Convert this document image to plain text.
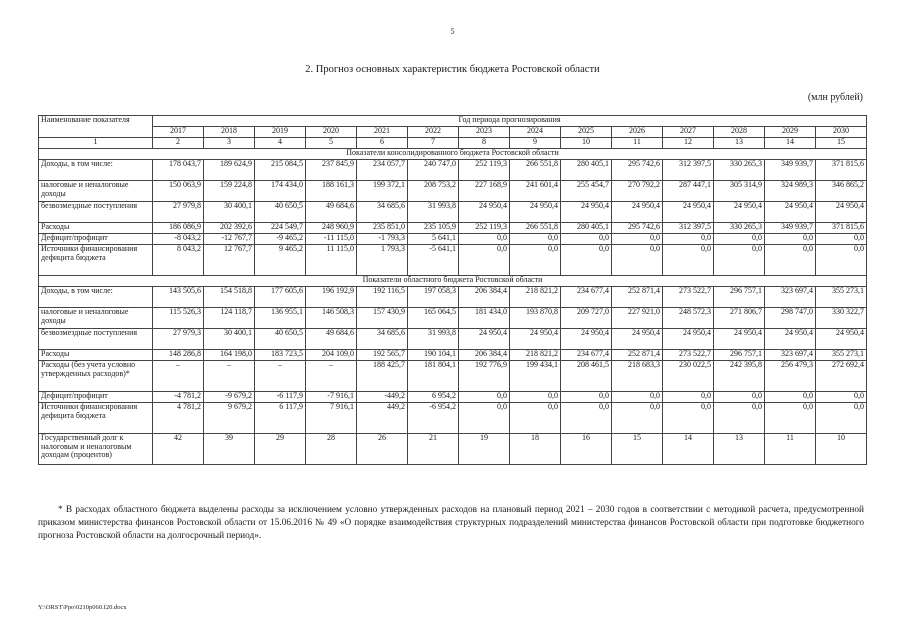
5
2. Прогноз основных характеристик бюджета Ростовской области
(млн рублей)
Наименование показателя	Год периода прогнозирования													
	2017	2018	2019	2020	2021	2022	2023	2024	2025	2026	2027	2028	2029	2030
1	2	3	4	5	6	7	8	9	10	11	12	13	14	15
Показатели консолидированного бюджета Ростовской области														
Доходы, в том числе:	178 043,7	189 624,9	215 084,5	237 845,9	234 057,7	240 747,0	252 119,3	266 551,8	280 405,1	295 742,6	312 397,5	330 265,3	349 939,7	371 815,6
налоговые и неналоговые доходы	150 063,9	159 224,8	174 434,0	188 161,3	199 372,1	208 753,2	227 168,9	241 601,4	255 454,7	270 792,2	287 447,1	305 314,9	324 989,3	346 865,2
безвозмездные поступления	27 979,8	30 400,1	40 650,5	49 684,6	34 685,6	31 993,8	24 950,4	24 950,4	24 950,4	24 950,4	24 950,4	24 950,4	24 950,4	24 950,4
Расходы	186 086,9	202 392,6	224 549,7	248 960,9	235 851,0	235 105,9	252 119,3	266 551,8	280 405,1	295 742,6	312 397,5	330 265,3	349 939,7	371 815,6
Дефицит/профицит	-8 043,2	-12 767,7	-9 465,2	-11 115,0	-1 793,3	5 641,1	0,0	0,0	0,0	0,0	0,0	0,0	0,0	0,0
Источники финансирования дефицита бюджета	8 043,2	12 767,7	9 465,2	11 115,0	1 793,3	-5 641,1	0,0	0,0	0,0	0,0	0,0	0,0	0,0	0,0
Показатели областного бюджета Ростовской области														
Доходы, в том числе:	143 505,6	154 518,8	177 605,6	196 192,9	192 116,5	197 058,3	206 384,4	218 821,2	234 677,4	252 871,4	273 522,7	296 757,1	323 697,4	355 273,1
налоговые и неналоговые доходы	115 526,3	124 118,7	136 955,1	146 508,3	157 430,9	165 064,5	181 434,0	193 870,8	209 727,0	227 921,0	248 572,3	271 806,7	298 747,0	330 322,7
безвозмездные поступления	27 979,3	30 400,1	40 650,5	49 684,6	34 685,6	31 993,8	24 950,4	24 950,4	24 950,4	24 950,4	24 950,4	24 950,4	24 950,4	24 950,4
Расходы	148 286,8	164 198,0	183 723,5	204 109,0	192 565,7	190 104,1	206 384,4	218 821,2	234 677,4	252 871,4	273 522,7	296 757,1	323 697,4	355 273,1
Расходы (без учета условно утвержденных расходов)*	–	–	–	–	188 425,7	181 804,1	192 776,9	199 434,1	208 461,5	218 683,3	230 022,5	242 395,8	256 479,3	272 692,4
Дефицит/профицит	-4 781,2	-9 679,2	-6 117,9	-7 916,1	-449,2	6 954,2	0,0	0,0	0,0	0,0	0,0	0,0	0,0	0,0
Источники финансирования дефицита бюджета	4 781,2	9 679,2	6 117,9	7 916,1	449,2	-6 954,2	0,0	0,0	0,0	0,0	0,0	0,0	0,0	0,0
Государственный долг к налоговым и неналоговым доходам (процентов)	42	39	29	28	26	21	19	18	16	15	14	13	11	10
* В расходах областного бюджета выделены расходы за исключением условно утвержденных расходов на плановый период 2021 – 2030 годов в соответствии с методикой расчета, предусмотренной приказом министерства финансов Ростовской области от 15.06.2016 № 49 «О порядке взаимодействия структурных подразделений министерства финансов Ростовской области при подготовке бюджетного прогноза Ростовской области на долгосрочный период».
Y:\ORST\Ppo\0210p060.f20.docx
